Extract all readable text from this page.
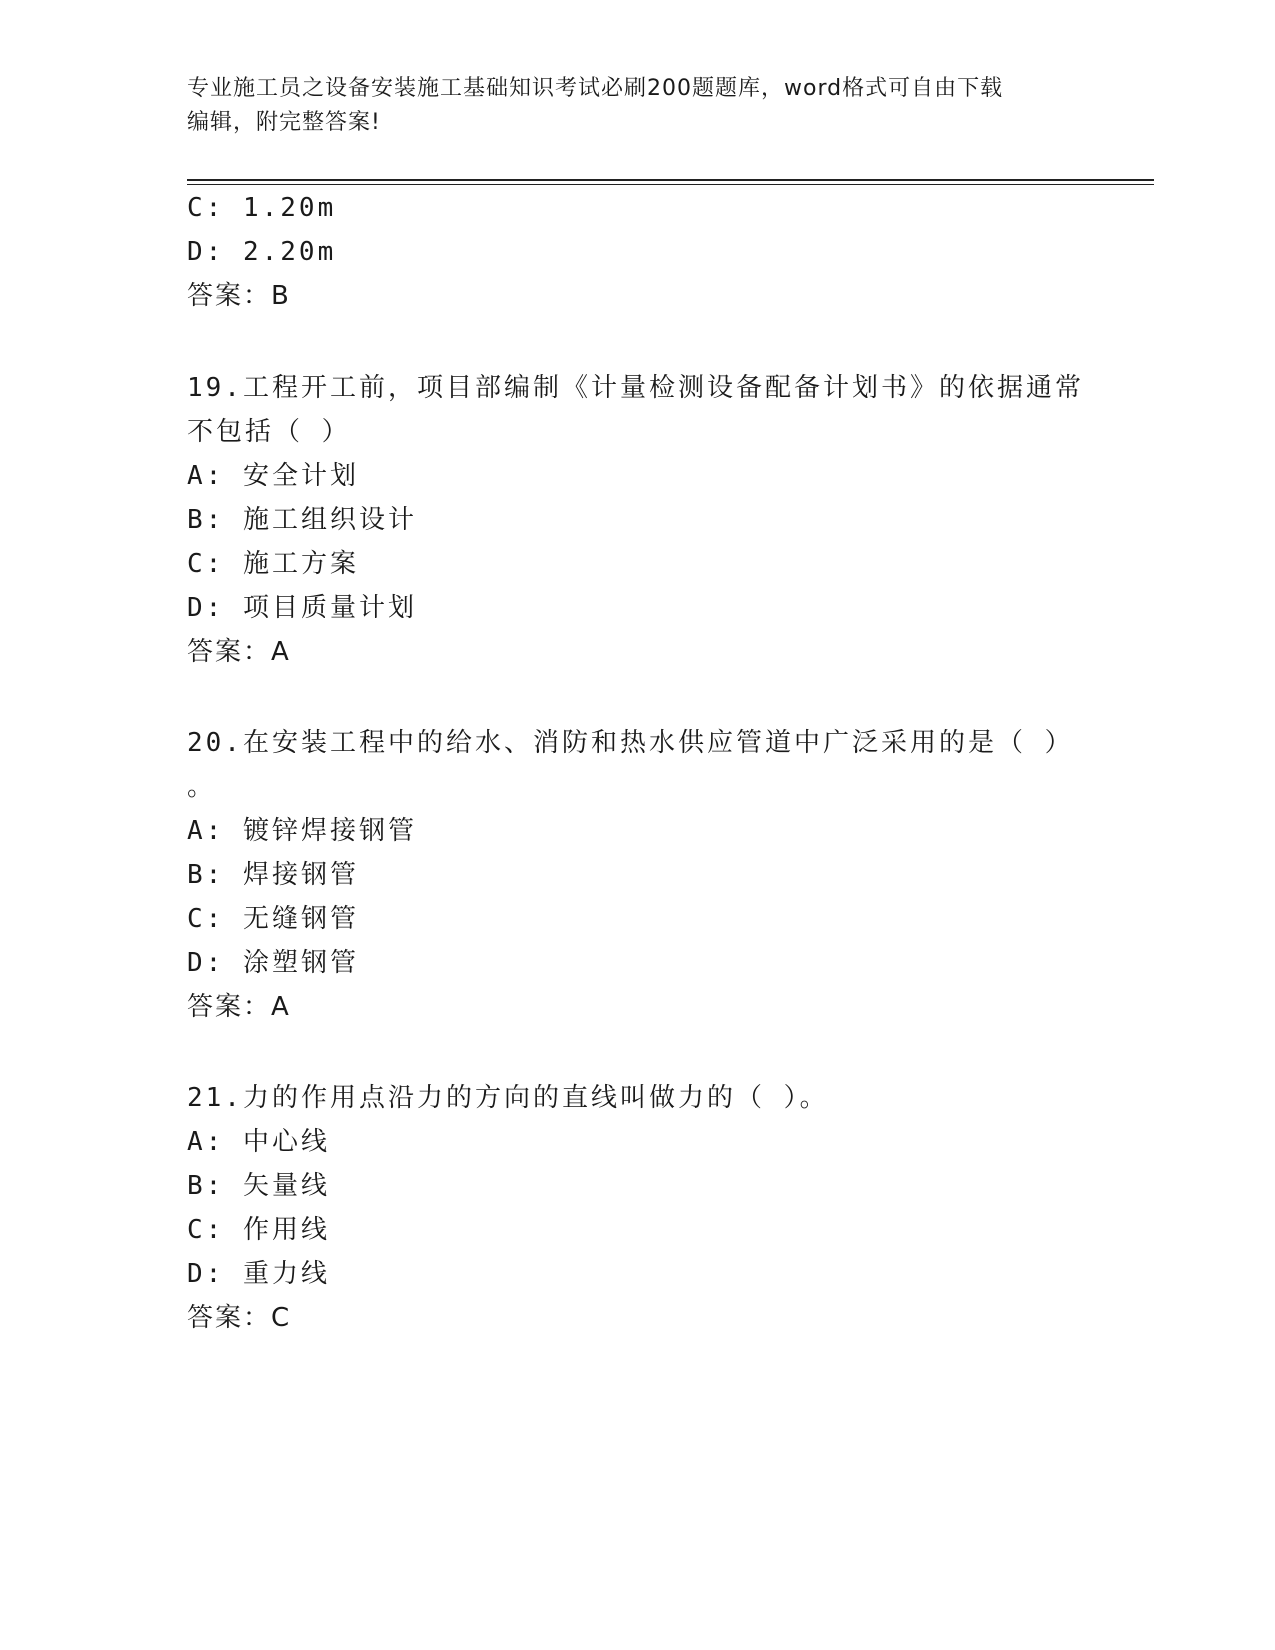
专业施工员之设备安装施工基础知识考试必刷200题题库，word格式可自由下载
编辑，附完整答案!
C: 1.20m
D: 2.20m
答案：B
19.工程开工前，项目部编制《计量检测设备配备计划书》的依据通常
不包括（ ）
A: 安全计划
B: 施工组织设计
C: 施工方案
D: 项目质量计划
答案：A
20.在安装工程中的给水、消防和热水供应管道中广泛采用的是（ ）
。
A: 镀锌焊接钢管
B: 焊接钢管
C: 无缝钢管
D: 涂塑钢管
答案：A
21.力的作用点沿力的方向的直线叫做力的（ ）。
A: 中心线
B: 矢量线
C: 作用线
D: 重力线
答案：C
